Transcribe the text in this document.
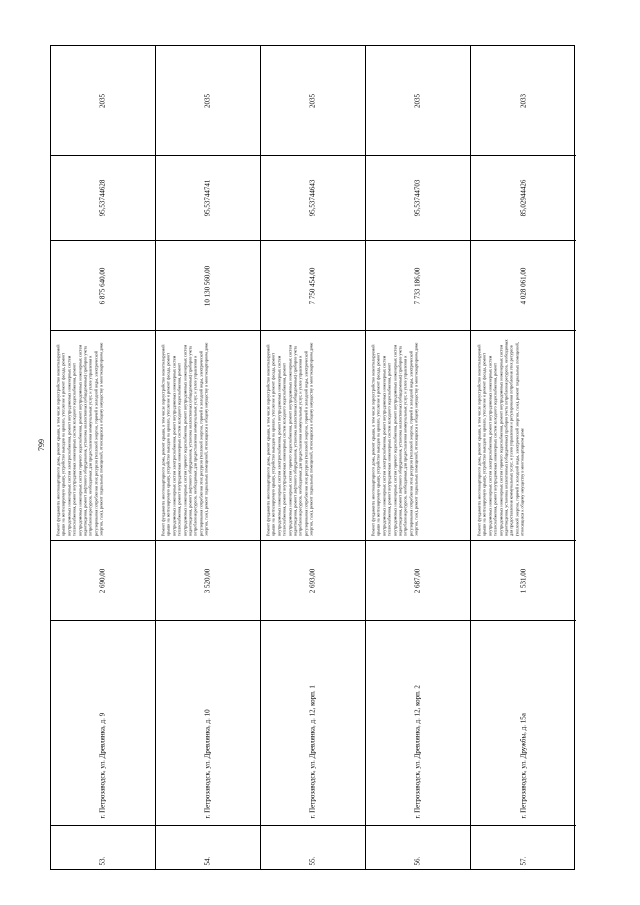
799
2035
95,53744628
6 875 640,00
Ремонт фундамента многоквартирного дома, ремонт крыши, в том числе переустройство невентилируемой крыши на вентилируемую крышу, устройство выходов на кровлю, утепление и ремонт фасада, ремонт внутридомовых инженерных систем электроснабжения, ремонт внутридомовых инженерных систем теплоснабжения, ремонт внутридомовых инженерных систем холодного водоснабжения, ремонт внутридомовых инженерных систем горячего водоснабжения, ремонт внутридомовых инженерных систем водоотведения, ремонт лифтового оборудования, установка коллективных (общедомовых) приборов учета потребления ресурсов, необходимых для предоставления коммунальных услуг, и узлов управления и регулирования потребления этих ресурсов (тепловой энергии, горячей и холодной воды, электрической энергии, газа), ремонт подвальных помещений, относящихся к общему имуществу в многоквартирном доме
2 690,00
г. Петрозаводск, ул. Древлянка, д. 9
53.
2035
95,53744741
10 130 560,00
Ремонт фундамента многоквартирного дома, ремонт крыши, в том числе переустройство невентилируемой крыши на вентилируемую крышу, устройство выходов на кровлю, утепление и ремонт фасада, ремонт внутридомовых инженерных систем электроснабжения, ремонт внутридомовых инженерных систем теплоснабжения, ремонт внутридомовых инженерных систем холодного водоснабжения, ремонт внутридомовых инженерных систем горячего водоснабжения, ремонт внутридомовых инженерных систем водоотведения, ремонт лифтового оборудования, установка коллективных (общедомовых) приборов учета потребления ресурсов, необходимых для предоставления коммунальных услуг, и узлов управления и регулирования потребления этих ресурсов (тепловой энергии, горячей и холодной воды, электрической энергии, газа), ремонт подвальных помещений, относящихся к общему имуществу в многоквартирном доме
3 520,00
г. Петрозаводск, ул. Древлянка, д. 10
54.
2035
95,53744643
7 750 454,00
Ремонт фундамента многоквартирного дома, ремонт крыши, в том числе переустройство невентилируемой крыши на вентилируемую крышу, устройство выходов на кровлю, утепление и ремонт фасада, ремонт внутридомовых инженерных систем электроснабжения, ремонт внутридомовых инженерных систем теплоснабжения, ремонт внутридомовых инженерных систем холодного водоснабжения, ремонт внутридомовых инженерных систем горячего водоснабжения, ремонт внутридомовых инженерных систем водоотведения, ремонт лифтового оборудования, установка коллективных (общедомовых) приборов учета потребления ресурсов, необходимых для предоставления коммунальных услуг, и узлов управления и регулирования потребления этих ресурсов (тепловой энергии, горячей и холодной воды, электрической энергии, газа), ремонт подвальных помещений, относящихся к общему имуществу в многоквартирном доме
2 693,00
г. Петрозаводск, ул. Древлянка, д. 12, корп. 1
55.
2035
95,53744703
7 733 186,00
Ремонт фундамента многоквартирного дома, ремонт крыши, в том числе переустройство невентилируемой крыши на вентилируемую крышу, устройство выходов на кровлю, утепление и ремонт фасада, ремонт внутридомовых инженерных систем электроснабжения, ремонт внутридомовых инженерных систем теплоснабжения, ремонт внутридомовых инженерных систем холодного водоснабжения, ремонт внутридомовых инженерных систем горячего водоснабжения, ремонт внутридомовых инженерных систем водоотведения, ремонт лифтового оборудования, установка коллективных (общедомовых) приборов учета потребления ресурсов, необходимых для предоставления коммунальных услуг, и узлов управления и регулирования потребления этих ресурсов (тепловой энергии, горячей и холодной воды, электрической энергии, газа), ремонт подвальных помещений, относящихся к общему имуществу в многоквартирном доме
2 687,00
г. Петрозаводск, ул. Древлянка, д. 12, корп. 2
56.
2033
85,02944426
4 028 061,00
Ремонт фундамента многоквартирного дома, ремонт крыши, в том числе переустройство невентилируемой крыши на вентилируемую крышу, устройство выходов на кровлю, утепление и ремонт фасада, ремонт внутридомовых инженерных систем электроснабжения, ремонт внутридомовых инженерных систем теплоснабжения, ремонт внутридомовых инженерных систем холодного водоснабжения, ремонт внутридомовых инженерных систем горячего водоснабжения, ремонт внутридомовых инженерных систем водоотведения, установка коллективных (общедомовых) приборов учета потребления ресурсов, необходимых для предоставления коммунальных услуг, и узлов управления и регулирования потребления этих ресурсов (тепловой энергии, горячей и холодной воды, электрической энергии, газа), ремонт подвальных помещений, относящихся к общему имуществу в многоквартирном доме
1 531,00
г. Петрозаводск, ул. Дружбы, д. 15а
57.
